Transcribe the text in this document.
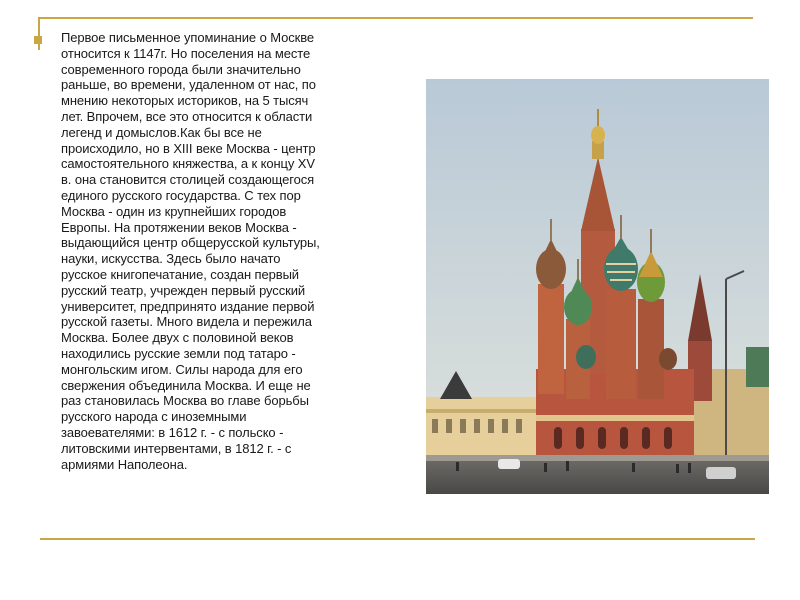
Первое письменное упоминание о Москве
относится к 1147г. Но поселения на месте
современного города были значительно
раньше, во времени, удаленном от нас, по
мнению некоторых историков, на 5 тысяч
лет. Впрочем, все это относится к области
легенд и домыслов.Как бы все не
происходило, но в XIII веке Москва - центр
самостоятельного княжества, а к концу XV
в. она становится столицей создающегося
единого русского государства. С тех пор
Москва - один из крупнейших городов
Европы. На протяжении веков Москва -
выдающийся центр общерусской культуры,
науки, искусства. Здесь было начато
русское книгопечатание, создан первый
русский театр, учрежден первый русский
университет, предпринято издание первой
русской газеты. Много видела и пережила
Москва. Более двух с половиной веков
находились русские земли под татаро -
монгольским игом. Силы народа для его
свержения объединила Москва. И еще не
раз становилась Москва во главе борьбы
русского народа с иноземными
завоевателями: в 1612 г. - с польско -
литовскими интервентами, в 1812 г. - с
армиями Наполеона.
